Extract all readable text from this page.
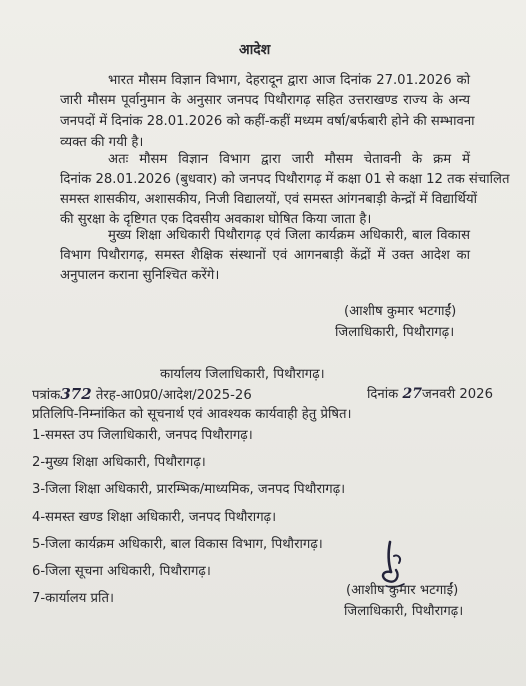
आदेश
भारत मौसम विज्ञान विभाग, देहरादून द्वारा आज दिनांक 27.01.2026 को
जारी मौसम पूर्वानुमान के अनुसार जनपद पिथौरागढ़ सहित उत्तराखण्ड राज्य के अन्य
जनपदों में दिनांक 28.01.2026 को कहीं-कहीं मध्यम वर्षा/बर्फबारी होने की सम्भावना
व्यक्त की गयी है।
अतः मौसम विज्ञान विभाग द्वारा जारी मौसम चेतावनी के क्रम में
दिनांक 28.01.2026 (बुधवार) को जनपद पिथौरागढ़ में कक्षा 01 से कक्षा 12 तक संचालित
समस्त शासकीय, अशासकीय, निजी विद्यालयों, एवं समस्त आंगनबाड़ी केन्द्रों में विद्यार्थियों
की सुरक्षा के दृष्टिगत एक दिवसीय अवकाश घोषित किया जाता है।
मुख्य शिक्षा अधिकारी पिथौरागढ़ एवं जिला कार्यक्रम अधिकारी, बाल विकास
विभाग पिथौरागढ़, समस्त शैक्षिक संस्थानों एवं आगनबाड़ी केंद्रों में उक्त आदेश का
अनुपालन कराना सुनिश्चित करेंगे।
(आशीष कुमार भटगाईं)
जिलाधिकारी, पिथौरागढ़।
कार्यालय जिलाधिकारी, पिथौरागढ़।
पत्रांक372 तेरह-आ0प्र0/आदेश/2025-26	दिनांक 27जनवरी 2026
प्रतिलिपि-निम्नांकित को सूचनार्थ एवं आवश्यक कार्यवाही हेतु प्रेषित।
1-समस्त उप जिलाधिकारी, जनपद पिथौरागढ़।
2-मुख्य शिक्षा अधिकारी, पिथौरागढ़।
3-जिला शिक्षा अधिकारी, प्रारम्भिक/माध्यमिक, जनपद पिथौरागढ़।
4-समस्त खण्ड शिक्षा अधिकारी, जनपद पिथौरागढ़।
5-जिला कार्यक्रम अधिकारी, बाल विकास विभाग, पिथौरागढ़।
6-जिला सूचना अधिकारी, पिथौरागढ़।
7-कार्यालय प्रति।
(आशीष कुमार भटगाईं)
जिलाधिकारी, पिथौरागढ़।
